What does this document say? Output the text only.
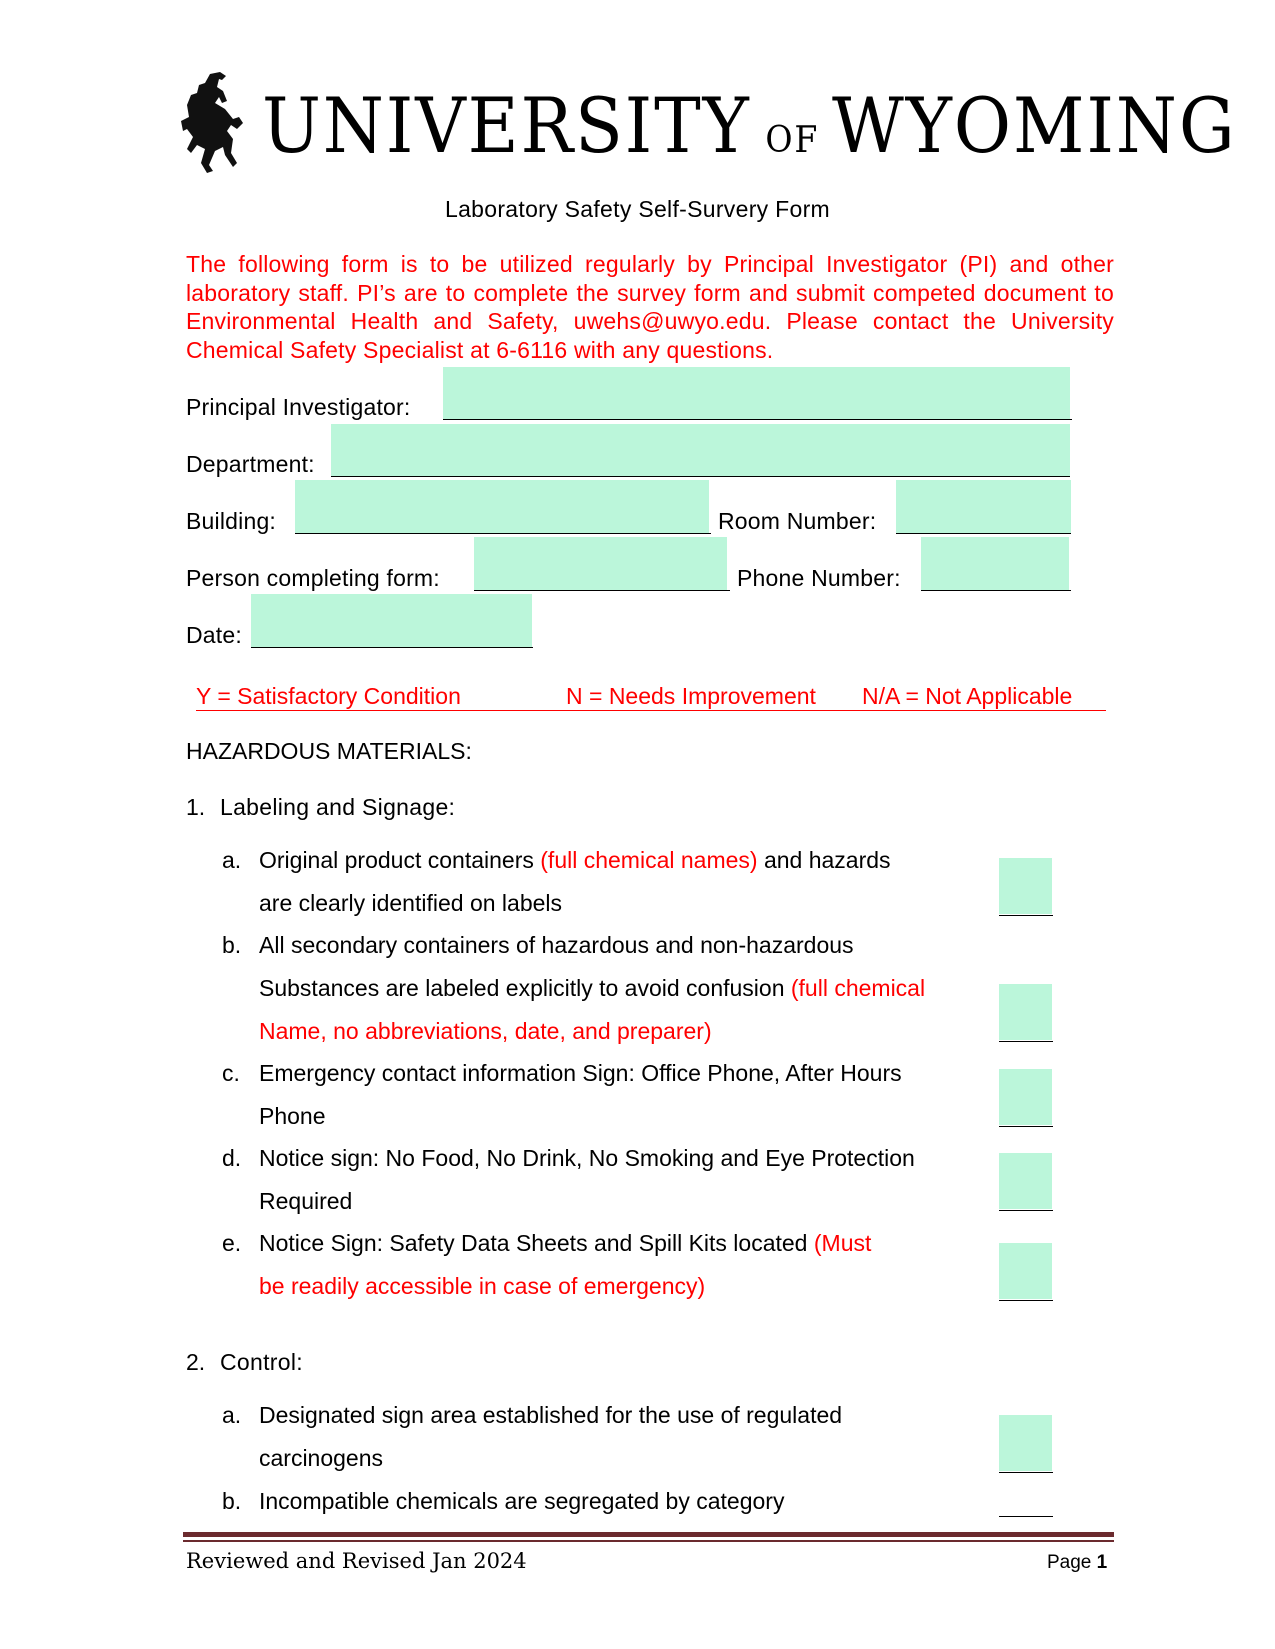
UNIVERSITY OF WYOMING
Laboratory Safety Self-Survery Form
The following form is to be utilized regularly by Principal Investigator (PI) and other laboratory staff. PI’s are to complete the survey form and submit competed document to Environmental Health and Safety, uwehs@uwyo.edu. Please contact the University Chemical Safety Specialist at 6-6116 with any questions.
Principal Investigator:
Department:
Building:	Room Number:
Person completing form:	Phone Number:
Date:
Y = Satisfactory Condition	N = Needs Improvement N/A = Not Applicable
HAZARDOUS MATERIALS:
1. Labeling and Signage:
a. Original product containers (full chemical names) and hazards
are clearly identified on labels
b. All secondary containers of hazardous and non-hazardous
Substances are labeled explicitly to avoid confusion (full chemical
Name, no abbreviations, date, and preparer)
c. Emergency contact information Sign: Office Phone, After Hours
Phone
d. Notice sign: No Food, No Drink, No Smoking and Eye Protection
Required
e. Notice Sign: Safety Data Sheets and Spill Kits located (Must
be readily accessible in case of emergency)
2. Control:
a. Designated sign area established for the use of regulated
carcinogens
b. Incompatible chemicals are segregated by category
Reviewed and Revised Jan 2024	Page 1
